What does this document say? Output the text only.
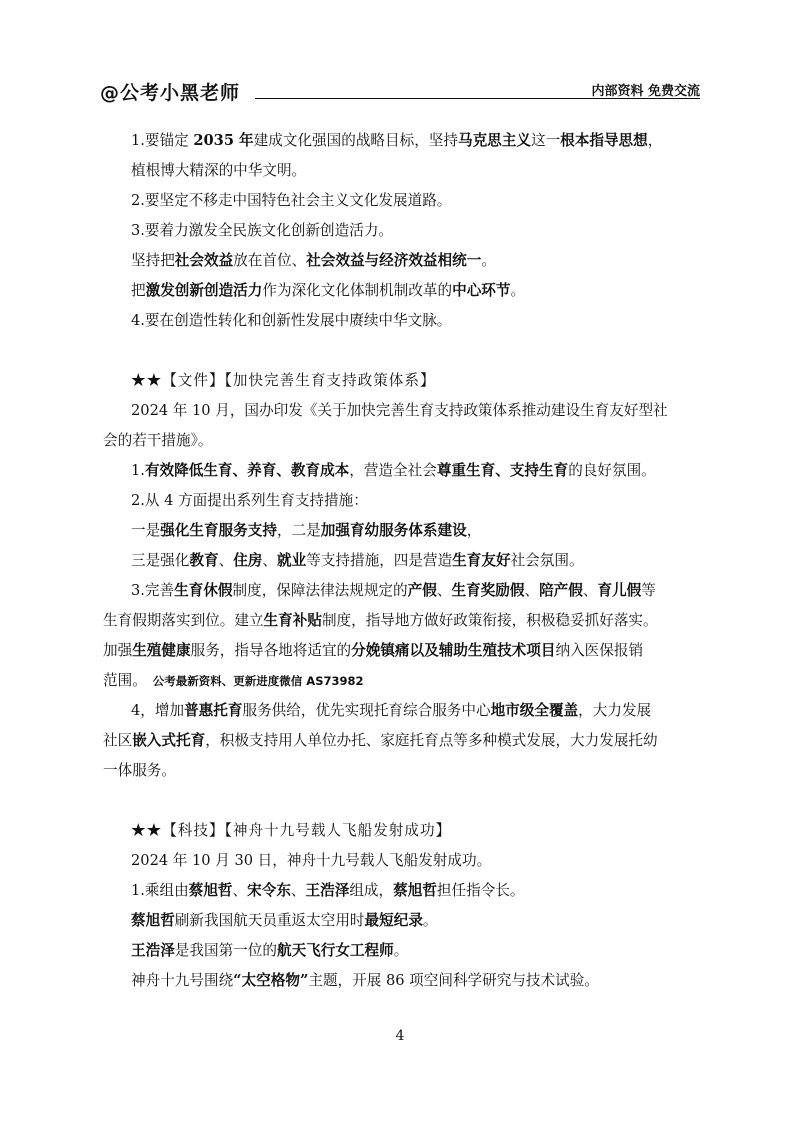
@公考小黑老师	内部资料 免费交流

1.要锚定 2035 年建成文化强国的战略目标，坚持马克思主义这一根本指导思想，

植根博大精深的中华文明。

2.要坚定不移走中国特色社会主义文化发展道路。

3.要着力激发全民族文化创新创造活力。

坚持把社会效益放在首位、社会效益与经济效益相统一。

把激发创新创造活力作为深化文化体制机制改革的中心环节。

4.要在创造性转化和创新性发展中赓续中华文脉。

★★【文件】【加快完善生育支持政策体系】

2024 年 10 月，国办印发《关于加快完善生育支持政策体系推动建设生育友好型社

会的若干措施》。

1.有效降低生育、养育、教育成本，营造全社会尊重生育、支持生育的良好氛围。

2.从 4 方面提出系列生育支持措施：

一是强化生育服务支持，二是加强育幼服务体系建设，

三是强化教育、住房、就业等支持措施，四是营造生育友好社会氛围。

3.完善生育休假制度，保障法律法规规定的产假、生育奖励假、陪产假、育儿假等

生育假期落实到位。建立生育补贴制度，指导地方做好政策衔接，积极稳妥抓好落实。

加强生殖健康服务，指导各地将适宜的分娩镇痛以及辅助生殖技术项目纳入医保报销

范围。 公考最新资料、更新进度微信 AS73982

4，增加普惠托育服务供给，优先实现托育综合服务中心地市级全覆盖，大力发展

社区嵌入式托育，积极支持用人单位办托、家庭托育点等多种模式发展，大力发展托幼

一体服务。

★★【科技】【神舟十九号载人飞船发射成功】

2024 年 10 月 30 日，神舟十九号载人飞船发射成功。

1.乘组由蔡旭哲、宋令东、王浩泽组成，蔡旭哲担任指令长。

蔡旭哲刷新我国航天员重返太空用时最短纪录。

王浩泽是我国第一位的航天飞行女工程师。

神舟十九号围绕“太空格物”主题，开展 86 项空间科学研究与技术试验。

4
